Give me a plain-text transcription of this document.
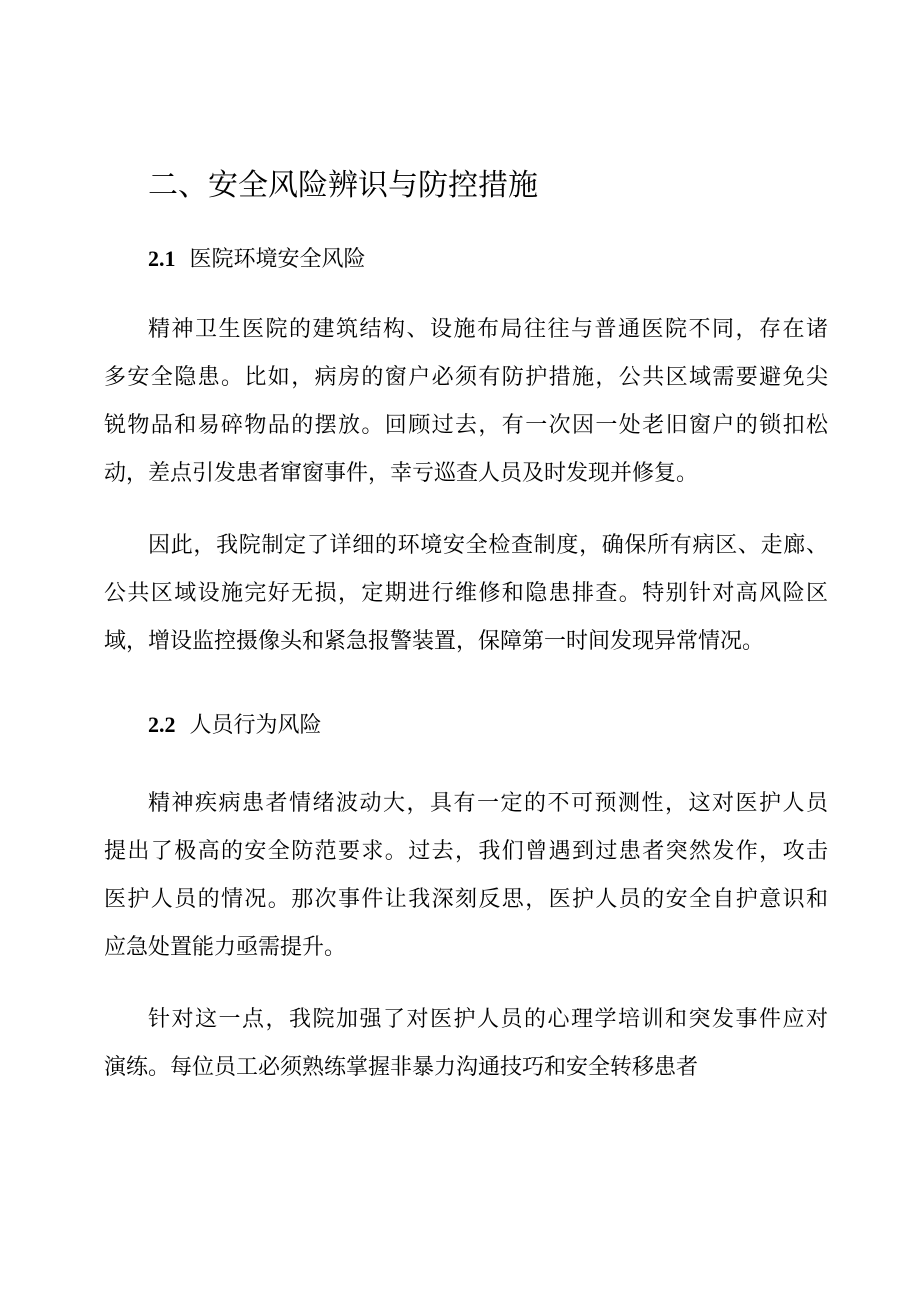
二、安全风险辨识与防控措施
2.1 医院环境安全风险
精神卫生医院的建筑结构、设施布局往往与普通医院不同，存在诸
多安全隐患。比如，病房的窗户必须有防护措施，公共区域需要避免尖
锐物品和易碎物品的摆放。回顾过去，有一次因一处老旧窗户的锁扣松
动，差点引发患者窜窗事件，幸亏巡查人员及时发现并修复。
因此，我院制定了详细的环境安全检查制度，确保所有病区、走廊、
公共区域设施完好无损，定期进行维修和隐患排查。特别针对高风险区
域，增设监控摄像头和紧急报警装置，保障第一时间发现异常情况。
2.2 人员行为风险
精神疾病患者情绪波动大，具有一定的不可预测性，这对医护人员
提出了极高的安全防范要求。过去，我们曾遇到过患者突然发作，攻击
医护人员的情况。那次事件让我深刻反思，医护人员的安全自护意识和
应急处置能力亟需提升。
针对这一点，我院加强了对医护人员的心理学培训和突发事件应对
演练。每位员工必须熟练掌握非暴力沟通技巧和安全转移患者
